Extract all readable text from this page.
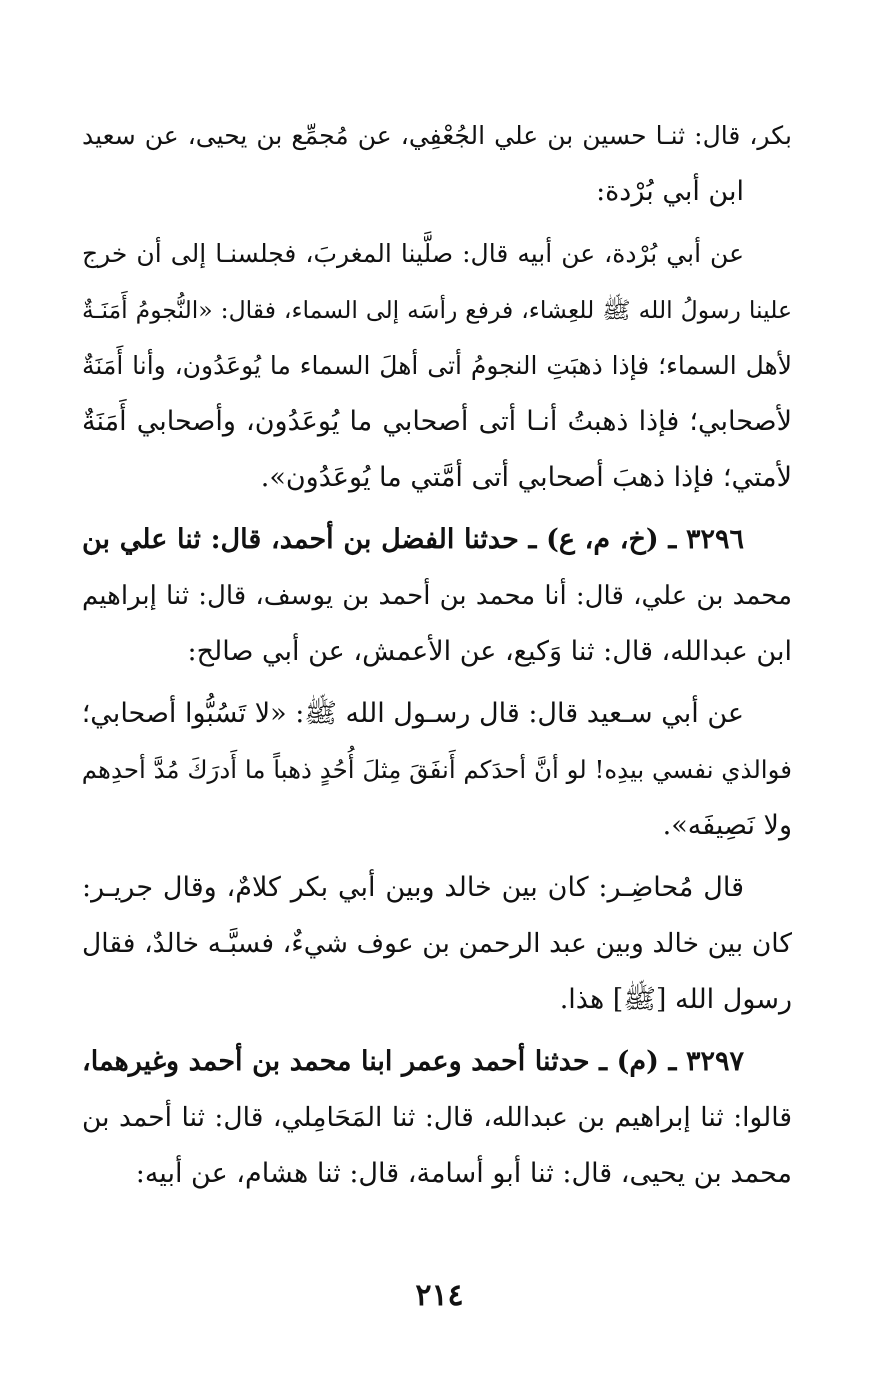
بكر، قال: ثنـا حسين بن علي الجُعْفِي، عن مُجمِّع بن يحيى، عن سعيد
ابن أبي بُرْدة:
عن أبي بُرْدة، عن أبيه قال: صلَّينا المغربَ، فجلسنـا إلى أن خرج
علينا رسولُ الله ﷺ للعِشاء، فرفع رأسَه إلى السماء، فقال: «النُّجومُ أَمَنَـةٌ
لأهل السماء؛ فإذا ذهبَتِ النجومُ أتى أهلَ السماء ما يُوعَدُون، وأنا أَمَنَةٌ
لأصحابي؛ فإذا ذهبتُ أنـا أتى أصحابي ما يُوعَدُون، وأصحابي أَمَنَةٌ
لأمتي؛ فإذا ذهبَ أصحابي أتى أمَّتي ما يُوعَدُون».
٣٢٩٦ ـ (خ، م، ع) ـ حدثنا الفضل بن أحمد، قال: ثنا علي بن
محمد بن علي، قال: أنا محمد بن أحمد بن يوسف، قال: ثنا إبراهيم
ابن عبدالله، قال: ثنا وَكيع، عن الأعمش، عن أبي صالح:
عن أبي سـعيد قال: قال رسـول الله ﷺ: «لا تَسُبُّوا أصحابي؛
فوالذي نفسي بيدِه! لو أنَّ أحدَكم أَنفَقَ مِثلَ أُحُدٍ ذهباً ما أَدرَكَ مُدَّ أحدِهم
ولا نَصِيفَه».
قال مُحاضِـر: كان بين خالد وبين أبي بكر كلامٌ، وقال جريـر:
كان بين خالد وبين عبد الرحمن بن عوف شيءٌ، فسبَّـه خالدٌ، فقال
رسول الله [ﷺ] هذا.
٣٢٩٧ ـ (م) ـ حدثنا أحمد وعمر ابنا محمد بن أحمد وغيرهما،
قالوا: ثنا إبراهيم بن عبدالله، قال: ثنا المَحَامِلي، قال: ثنا أحمد بن
محمد بن يحيى، قال: ثنا أبو أسامة، قال: ثنا هشام، عن أبيه:
٢١٤
